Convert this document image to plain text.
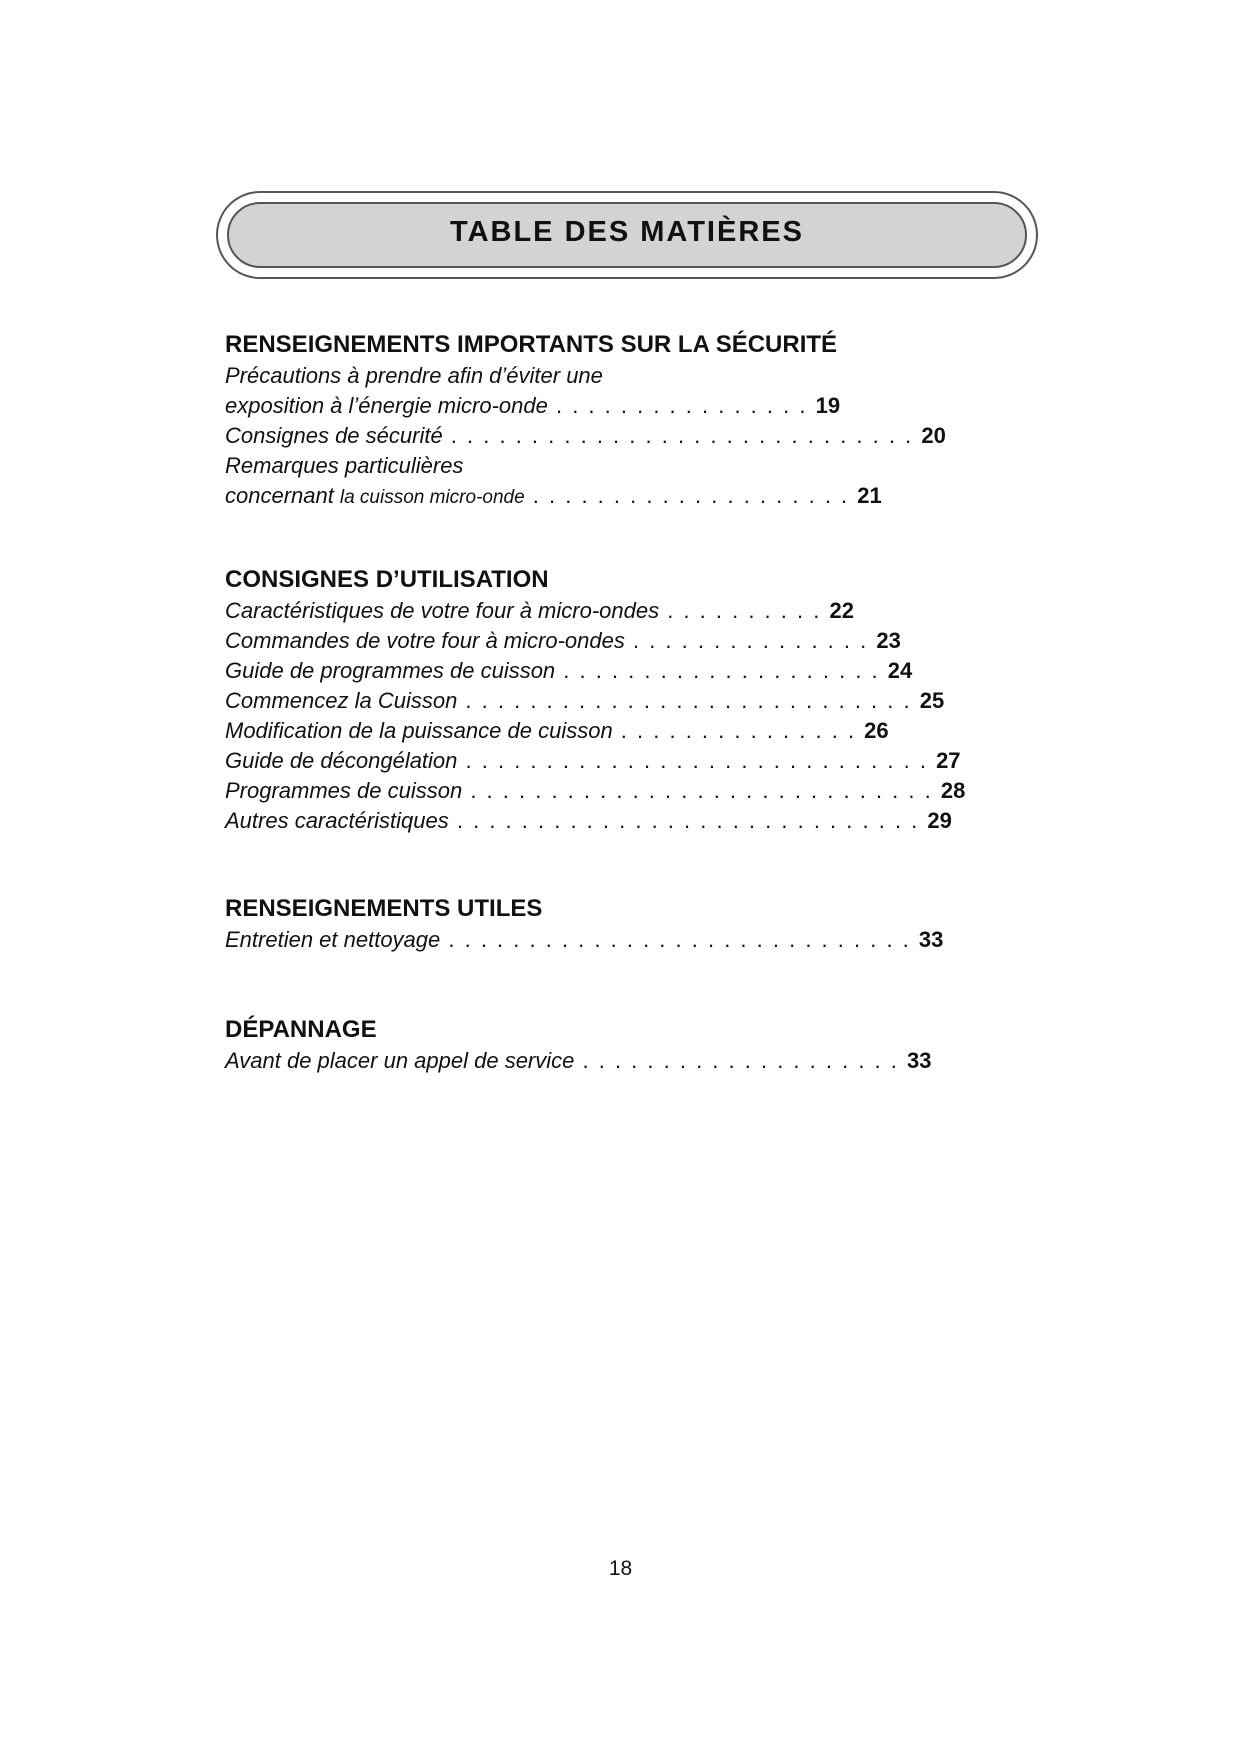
TABLE DES MATIÈRES
RENSEIGNEMENTS IMPORTANTS SUR LA SÉCURITÉ
Précautions à prendre afin d’éviter une
exposition à l’énergie micro-onde . . . . . . . . . . . . . . . . 19
Consignes de sécurité . . . . . . . . . . . . . . . . . . . . . . . . . . . . . 20
Remarques particulières
concernant la cuisson micro-onde . . . . . . . . . . . . . . . . . . . . 21
CONSIGNES D’UTILISATION
Caractéristiques de votre four à micro-ondes . . . . . . . . . . 22
Commandes de votre four à micro-ondes . . . . . . . . . . . . . . . 23
Guide de programmes de cuisson . . . . . . . . . . . . . . . . . . . . 24
Commencez la Cuisson . . . . . . . . . . . . . . . . . . . . . . . . . . . . 25
Modification de la puissance de cuisson . . . . . . . . . . . . . . . 26
Guide de décongélation . . . . . . . . . . . . . . . . . . . . . . . . . . . . . 27
Programmes de cuisson . . . . . . . . . . . . . . . . . . . . . . . . . . . . . 28
Autres caractéristiques . . . . . . . . . . . . . . . . . . . . . . . . . . . . . 29
RENSEIGNEMENTS UTILES
Entretien et nettoyage . . . . . . . . . . . . . . . . . . . . . . . . . . . . . 33
DÉPANNAGE
Avant de placer un appel de service . . . . . . . . . . . . . . . . . . . . 33
18
